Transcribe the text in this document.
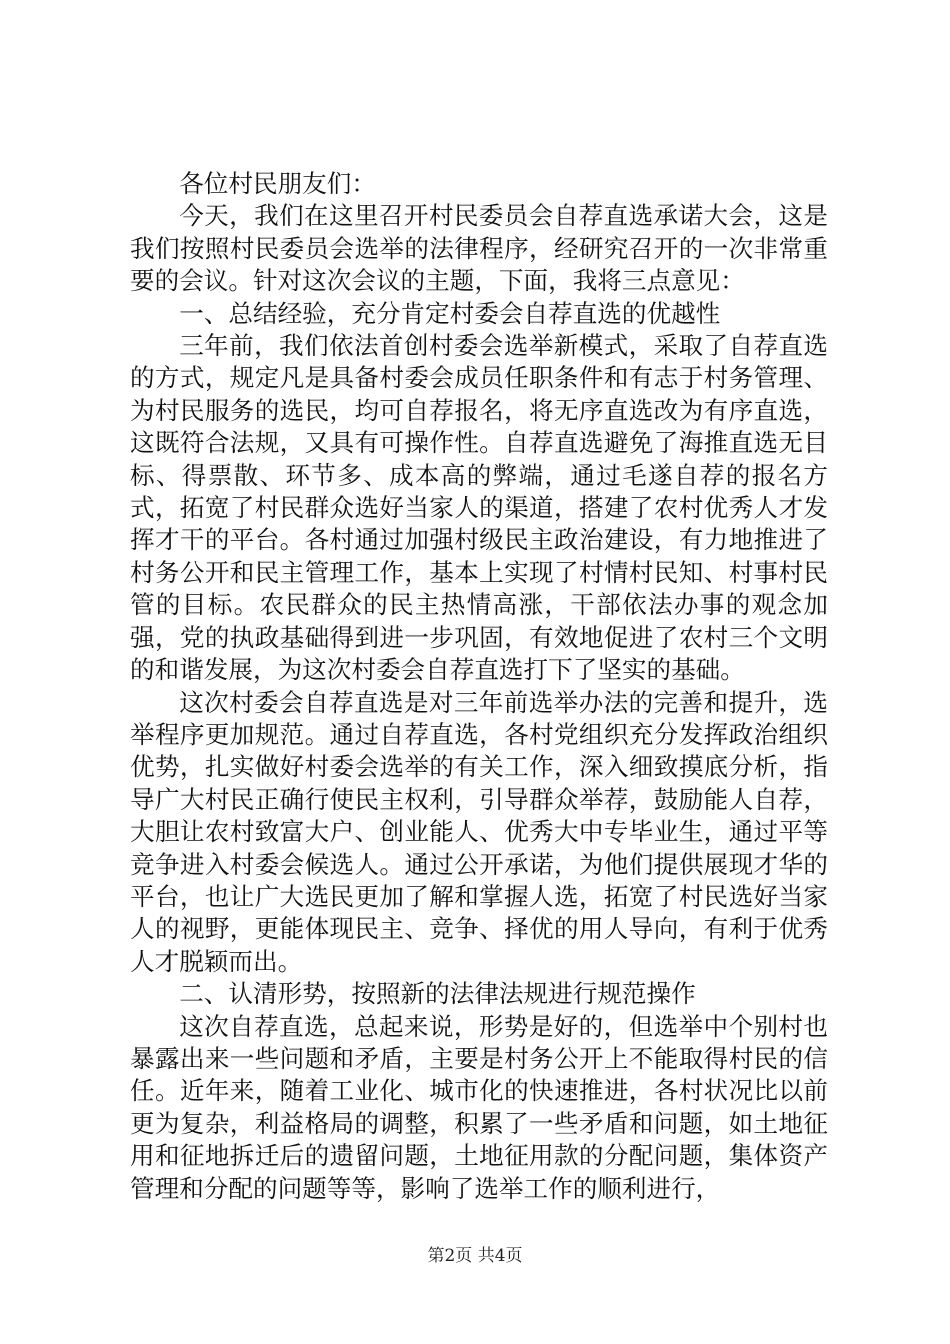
各位村民朋友们：

今天，我们在这里召开村民委员会自荐直选承诺大会，这是我们按照村民委员会选举的法律程序，经研究召开的一次非常重要的会议。针对这次会议的主题，下面，我将三点意见：

一、总结经验，充分肯定村委会自荐直选的优越性

三年前，我们依法首创村委会选举新模式，采取了自荐直选的方式，规定凡是具备村委会成员任职条件和有志于村务管理、为村民服务的选民，均可自荐报名，将无序直选改为有序直选，这既符合法规，又具有可操作性。自荐直选避免了海推直选无目标、得票散、环节多、成本高的弊端，通过毛遂自荐的报名方式，拓宽了村民群众选好当家人的渠道，搭建了农村优秀人才发挥才干的平台。各村通过加强村级民主政治建设，有力地推进了村务公开和民主管理工作，基本上实现了村情村民知、村事村民管的目标。农民群众的民主热情高涨，干部依法办事的观念加强，党的执政基础得到进一步巩固，有效地促进了农村三个文明的和谐发展，为这次村委会自荐直选打下了坚实的基础。

这次村委会自荐直选是对三年前选举办法的完善和提升，选举程序更加规范。通过自荐直选，各村党组织充分发挥政治组织优势，扎实做好村委会选举的有关工作，深入细致摸底分析，指导广大村民正确行使民主权利，引导群众举荐，鼓励能人自荐，大胆让农村致富大户、创业能人、优秀大中专毕业生，通过平等竞争进入村委会候选人。通过公开承诺，为他们提供展现才华的平台，也让广大选民更加了解和掌握人选，拓宽了村民选好当家人的视野，更能体现民主、竞争、择优的用人导向，有利于优秀人才脱颖而出。

二、认清形势，按照新的法律法规进行规范操作

这次自荐直选，总起来说，形势是好的，但选举中个别村也暴露出来一些问题和矛盾，主要是村务公开上不能取得村民的信任。近年来，随着工业化、城市化的快速推进，各村状况比以前更为复杂，利益格局的调整，积累了一些矛盾和问题，如土地征用和征地拆迁后的遗留问题，土地征用款的分配问题，集体资产管理和分配的问题等等，影响了选举工作的顺利进行，

第2页 共4页
